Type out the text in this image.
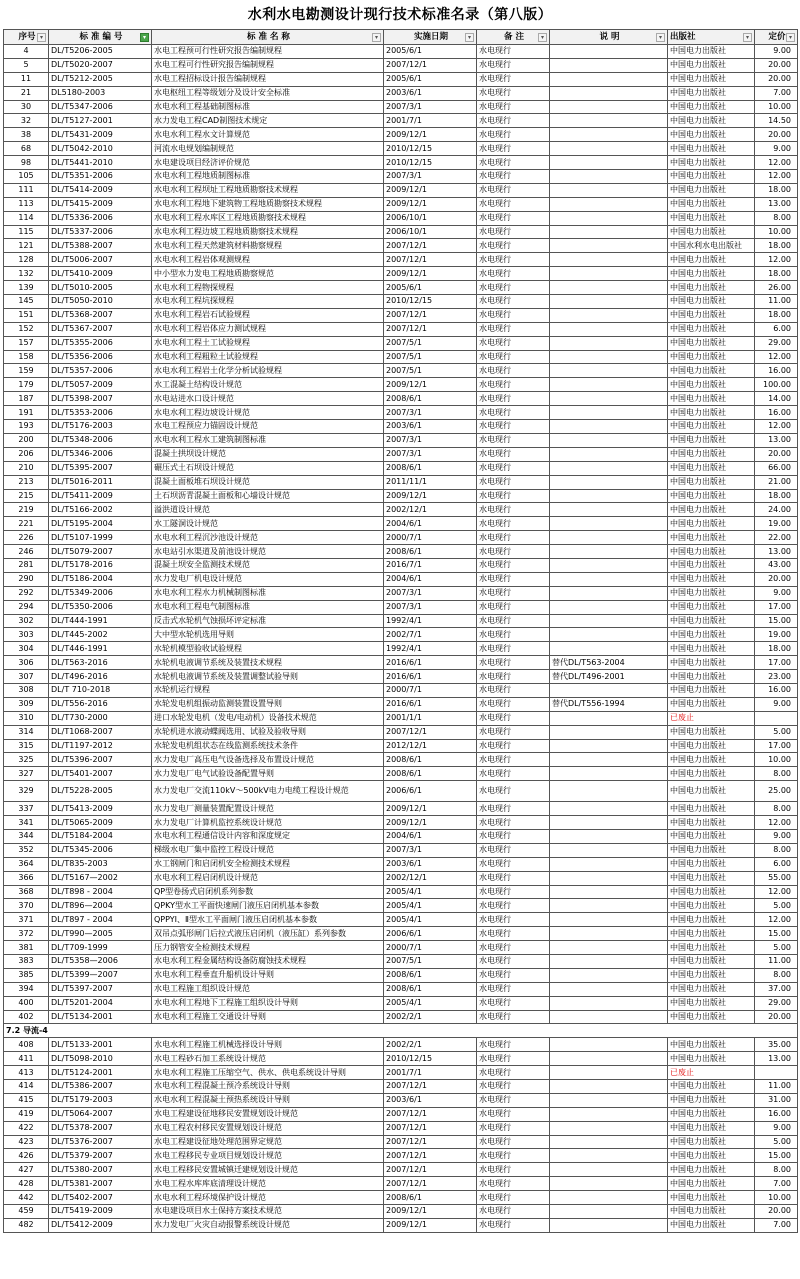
水利水电勘测设计现行技术标准名录（第八版）
序号 ▾	标 准 编 号 ▾	标 准 名 称 ▾	实施日期 ▾	备 注 ▾	说 明 ▾	出版社 ▾	定价 ▾

4	DL/T5206-2005	水电工程预可行性研究报告编制规程	2005/6/1	水电现行		中国电力出版社	9.00
5	DL/T5020-2007	水电工程可行性研究报告编制规程	2007/12/1	水电现行		中国电力出版社	20.00
11	DL/T5212-2005	水电工程招标设计报告编制规程	2005/6/1	水电现行		中国电力出版社	20.00
21	DL5180-2003	水电枢纽工程等级划分及设计安全标准	2003/6/1	水电现行		中国电力出版社	7.00
30	DL/T5347-2006	水电水利工程基础制图标准	2007/3/1	水电现行		中国电力出版社	10.00
32	DL/T5127-2001	水力发电工程CAD制图技术规定	2001/7/1	水电现行		中国电力出版社	14.50
38	DL/T5431-2009	水电水利工程水文计算规范	2009/12/1	水电现行		中国电力出版社	20.00
68	DL/T5042-2010	河流水电规划编制规范	2010/12/15	水电现行		中国电力出版社	9.00
98	DL/T5441-2010	水电建设项目经济评价规范	2010/12/15	水电现行		中国电力出版社	12.00
105	DL/T5351-2006	水电水利工程地质制图标准	2007/3/1	水电现行		中国电力出版社	12.00
111	DL/T5414-2009	水电水利工程坝址工程地质勘察技术规程	2009/12/1	水电现行		中国电力出版社	18.00
113	DL/T5415-2009	水电水利工程地下建筑物工程地质勘察技术规程	2009/12/1	水电现行		中国电力出版社	13.00
114	DL/T5336-2006	水电水利工程水库区工程地质勘察技术规程	2006/10/1	水电现行		中国电力出版社	8.00
115	DL/T5337-2006	水电水利工程边坡工程地质勘察技术规程	2006/10/1	水电现行		中国电力出版社	10.00
121	DL/T5388-2007	水电水利工程天然建筑材料勘察规程	2007/12/1	水电现行		中国水利水电出版社	18.00
128	DL/T5006-2007	水电水利工程岩体观测规程	2007/12/1	水电现行		中国电力出版社	12.00
132	DL/T5410-2009	中小型水力发电工程地质勘察规范	2009/12/1	水电现行		中国电力出版社	18.00
139	DL/T5010-2005	水电水利工程物探规程	2005/6/1	水电现行		中国电力出版社	26.00
145	DL/T5050-2010	水电水利工程坑探规程	2010/12/15	水电现行		中国电力出版社	11.00
151	DL/T5368-2007	水电水利工程岩石试验规程	2007/12/1	水电现行		中国电力出版社	18.00
152	DL/T5367-2007	水电水利工程岩体应力测试规程	2007/12/1	水电现行		中国电力出版社	6.00
157	DL/T5355-2006	水电水利工程土工试验规程	2007/5/1	水电现行		中国电力出版社	29.00
158	DL/T5356-2006	水电水利工程粗粒土试验规程	2007/5/1	水电现行		中国电力出版社	12.00
159	DL/T5357-2006	水电水利工程岩土化学分析试验规程	2007/5/1	水电现行		中国电力出版社	16.00
179	DL/T5057-2009	水工混凝土结构设计规范	2009/12/1	水电现行		中国电力出版社	100.00
187	DL/T5398-2007	水电站进水口设计规范	2008/6/1	水电现行		中国电力出版社	14.00
191	DL/T5353-2006	水电水利工程边坡设计规范	2007/3/1	水电现行		中国电力出版社	16.00
193	DL/T5176-2003	水电工程预应力锚固设计规范	2003/6/1	水电现行		中国电力出版社	12.00
200	DL/T5348-2006	水电水利工程水工建筑制图标准	2007/3/1	水电现行		中国电力出版社	13.00
206	DL/T5346-2006	混凝土拱坝设计规范	2007/3/1	水电现行		中国电力出版社	20.00
210	DL/T5395-2007	碾压式土石坝设计规范	2008/6/1	水电现行		中国电力出版社	66.00
213	DL/T5016-2011	混凝土面板堆石坝设计规范	2011/11/1	水电现行		中国电力出版社	21.00
215	DL/T5411-2009	土石坝沥青混凝土面板和心墙设计规范	2009/12/1	水电现行		中国电力出版社	18.00
219	DL/T5166-2002	溢洪道设计规范	2002/12/1	水电现行		中国电力出版社	24.00
221	DL/T5195-2004	水工隧洞设计规范	2004/6/1	水电现行		中国电力出版社	19.00
226	DL/T5107-1999	水电水利工程沉沙池设计规范	2000/7/1	水电现行		中国电力出版社	22.00
246	DL/T5079-2007	水电站引水渠道及前池设计规范	2008/6/1	水电现行		中国电力出版社	13.00
281	DL/T5178-2016	混凝土坝安全监测技术规范	2016/7/1	水电现行		中国电力出版社	43.00
290	DL/T5186-2004	水力发电厂机电设计规范	2004/6/1	水电现行		中国电力出版社	20.00
292	DL/T5349-2006	水电水利工程水力机械制图标准	2007/3/1	水电现行		中国电力出版社	9.00
294	DL/T5350-2006	水电水利工程电气制图标准	2007/3/1	水电现行		中国电力出版社	17.00
302	DL/T444-1991	反击式水轮机气蚀损坏评定标准	1992/4/1	水电现行		中国电力出版社	15.00
303	DL/T445-2002	大中型水轮机选用导则	2002/7/1	水电现行		中国电力出版社	19.00
304	DL/T446-1991	水轮机模型验收试验规程	1992/4/1	水电现行		中国电力出版社	18.00
306	DL/T563-2016	水轮机电液调节系统及装置技术规程	2016/6/1	水电现行	替代DL/T563-2004	中国电力出版社	17.00
307	DL/T496-2016	水轮机电液调节系统及装置调整试验导则	2016/6/1	水电现行	替代DL/T496-2001	中国电力出版社	23.00
308	DL/T 710-2018	水轮机运行规程	2000/7/1	水电现行		中国电力出版社	16.00
309	DL/T556-2016	水轮发电机组振动监测装置设置导则	2016/6/1	水电现行	替代DL/T556-1994	中国电力出版社	9.00
310	DL/T730-2000	进口水轮发电机（发电/电动机）设备技术规范	2001/1/1	水电现行		已废止	
314	DL/T1068-2007	水轮机进水液动蝶阀选用、试验及验收导则	2007/12/1	水电现行		中国电力出版社	5.00
315	DL/T1197-2012	水轮发电机组状态在线监测系统技术条件	2012/12/1	水电现行		中国电力出版社	17.00
325	DL/T5396-2007	水力发电厂高压电气设备选择及布置设计规范	2008/6/1	水电现行		中国电力出版社	10.00
327	DL/T5401-2007	水力发电厂电气试验设备配置导则	2008/6/1	水电现行		中国电力出版社	8.00
329	DL/T5228-2005	水力发电厂交流110kV～500kV电力电缆工程设计规范	2006/6/1	水电现行		中国电力出版社	25.00
337	DL/T5413-2009	水力发电厂测量装置配置设计规范	2009/12/1	水电现行		中国电力出版社	8.00
341	DL/T5065-2009	水力发电厂计算机监控系统设计规范	2009/12/1	水电现行		中国电力出版社	12.00
344	DL/T5184-2004	水电水利工程通信设计内容和深度规定	2004/6/1	水电现行		中国电力出版社	9.00
352	DL/T5345-2006	梯级水电厂集中监控工程设计规范	2007/3/1	水电现行		中国电力出版社	8.00
364	DL/T835-2003	水工钢闸门和启闭机安全检测技术规程	2003/6/1	水电现行		中国电力出版社	6.00
366	DL/T5167—2002	水电水利工程启闭机设计规范	2002/12/1	水电现行		中国电力出版社	55.00
368	DL/T898 - 2004	QP型卷扬式启闭机系列参数	2005/4/1	水电现行		中国电力出版社	12.00
370	DL/T896—2004	QPKY型水工平面快速闸门液压启闭机基本参数	2005/4/1	水电现行		中国电力出版社	5.00
371	DL/T897 - 2004	QPPYⅠ、Ⅱ型水工平面闸门液压启闭机基本参数	2005/4/1	水电现行		中国电力出版社	12.00
372	DL/T990—2005	双吊点弧形闸门后拉式液压启闭机（液压缸）系列参数	2006/6/1	水电现行		中国电力出版社	15.00
381	DL/T709-1999	压力钢管安全检测技术规程	2000/7/1	水电现行		中国电力出版社	5.00
383	DL/T5358—2006	水电水利工程金属结构设备防腐蚀技术规程	2007/5/1	水电现行		中国电力出版社	11.00
385	DL/T5399—2007	水电水利工程垂直升船机设计导则	2008/6/1	水电现行		中国电力出版社	8.00
394	DL/T5397-2007	水电工程施工组织设计规范	2008/6/1	水电现行		中国电力出版社	37.00
400	DL/T5201-2004	水电水利工程地下工程施工组织设计导则	2005/4/1	水电现行		中国电力出版社	29.00
402	DL/T5134-2001	水电水利工程施工交通设计导则	2002/2/1	水电现行		中国电力出版社	20.00
7.2 导流-4							
408	DL/T5133-2001	水电水利工程施工机械选择设计导则	2002/2/1	水电现行		中国电力出版社	35.00
411	DL/T5098-2010	水电工程砂石加工系统设计规范	2010/12/15	水电现行		中国电力出版社	13.00
413	DL/T5124-2001	水电水利工程施工压缩空气、供水、供电系统设计导则	2001/7/1	水电现行		已废止	
414	DL/T5386-2007	水电水利工程混凝土预冷系统设计导则	2007/12/1	水电现行		中国电力出版社	11.00
415	DL/T5179-2003	水电水利工程混凝土预热系统设计导则	2003/6/1	水电现行		中国电力出版社	31.00
419	DL/T5064-2007	水电工程建设征地移民安置规划设计规范	2007/12/1	水电现行		中国电力出版社	16.00
422	DL/T5378-2007	水电工程农村移民安置规划设计规范	2007/12/1	水电现行		中国电力出版社	9.00
423	DL/T5376-2007	水电工程建设征地处理范围界定规范	2007/12/1	水电现行		中国电力出版社	5.00
426	DL/T5379-2007	水电工程移民专业项目规划设计规范	2007/12/1	水电现行		中国电力出版社	15.00
427	DL/T5380-2007	水电工程移民安置城镇迁建规划设计规范	2007/12/1	水电现行		中国电力出版社	8.00
428	DL/T5381-2007	水电工程水库库底清理设计规范	2007/12/1	水电现行		中国电力出版社	7.00
442	DL/T5402-2007	水电水利工程环境保护设计规范	2008/6/1	水电现行		中国电力出版社	10.00
459	DL/T5419-2009	水电建设项目水土保持方案技术规范	2009/12/1	水电现行		中国电力出版社	20.00
482	DL/T5412-2009	水力发电厂火灾自动报警系统设计规范	2009/12/1	水电现行		中国电力出版社	7.00
